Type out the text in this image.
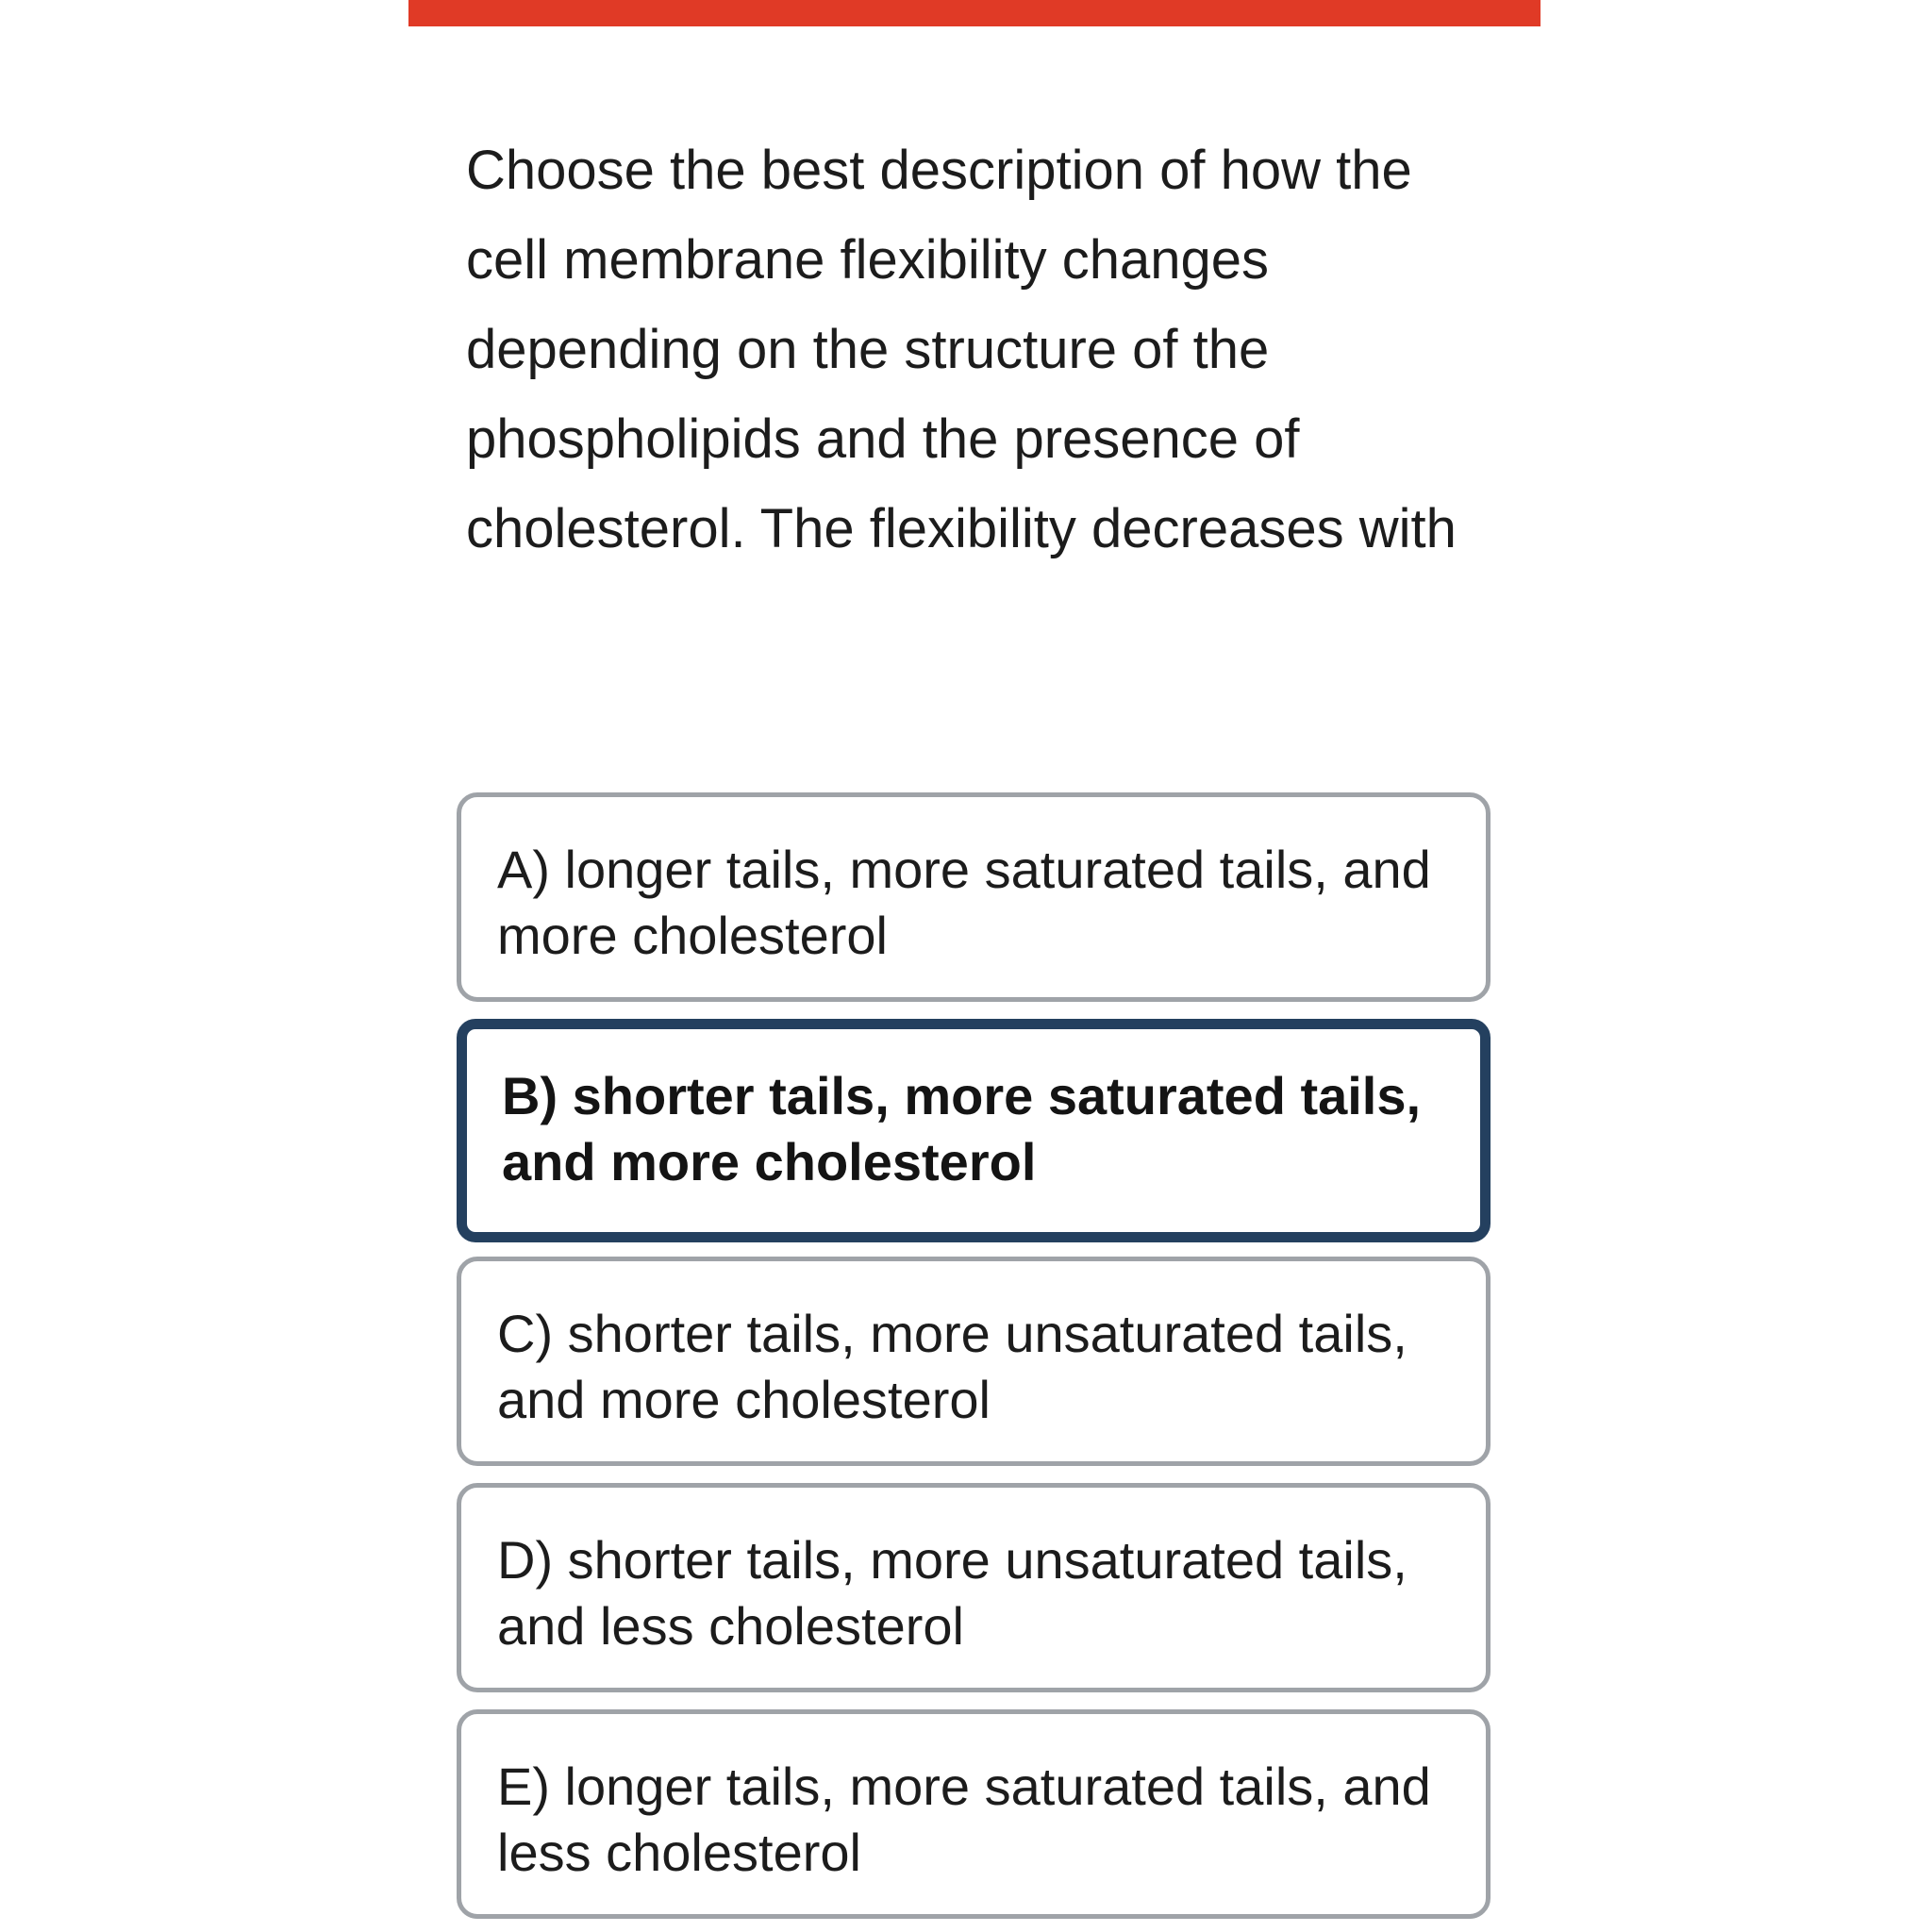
Choose the best description of how the cell membrane flexibility changes depending on the structure of the phospholipids and the presence of cholesterol. The flexibility decreases with

A) longer tails, more saturated tails, and more cholesterol
B) shorter tails, more saturated tails, and more cholesterol
C) shorter tails, more unsaturated tails, and more cholesterol
D) shorter tails, more unsaturated tails, and less cholesterol
E) longer tails, more saturated tails, and less cholesterol
